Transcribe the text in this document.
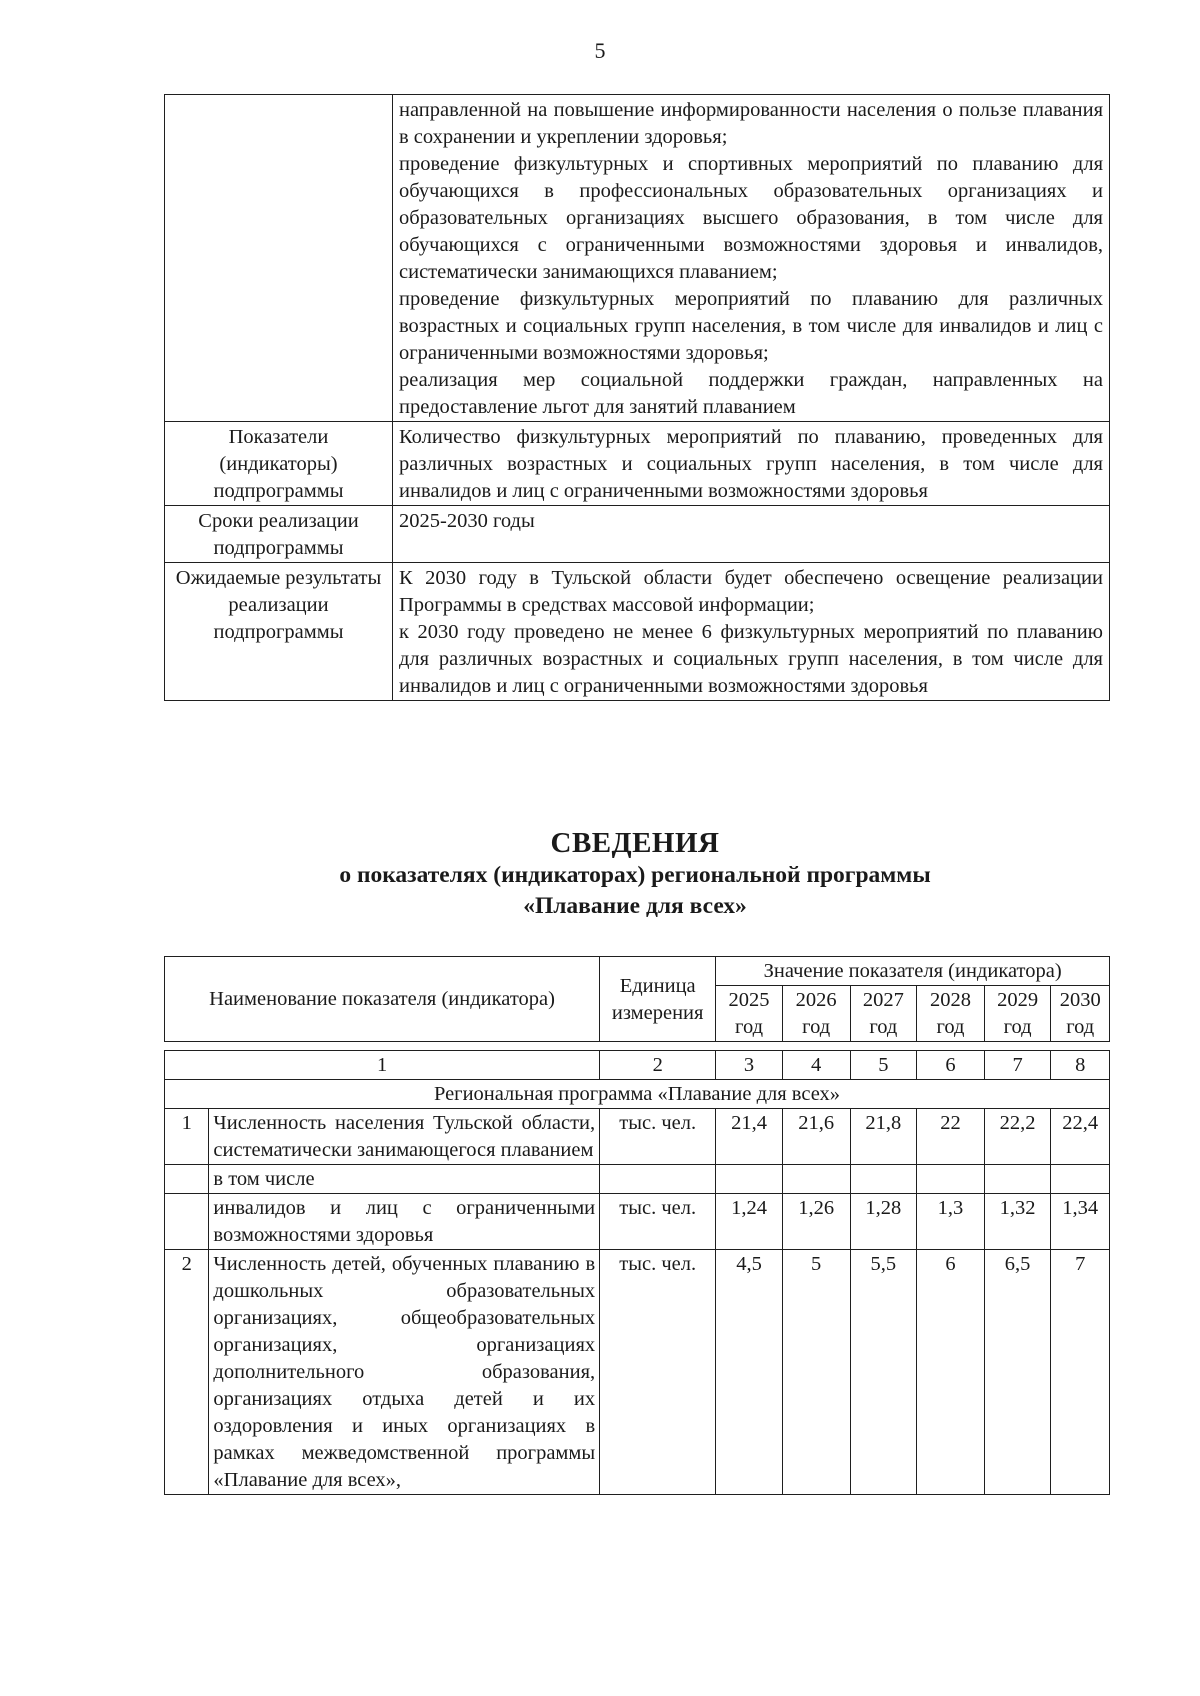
5

	направленной на повышение информированности населения о пользе плавания в сохранении и укреплении здоровья;
проведение физкультурных и спортивных мероприятий по плаванию для обучающихся в профессиональных образовательных организациях и образовательных организациях высшего образования, в том числе для обучающихся с ограниченными возможностями здоровья и инвалидов, систематически занимающихся плаванием;
проведение физкультурных мероприятий по плаванию для различных возрастных и социальных групп населения, в том числе для инвалидов и лиц с ограниченными возможностями здоровья;
реализация мер социальной поддержки граждан, направленных на предоставление льгот для занятий плаванием

Показатели (индикаторы) подпрограммы	Количество физкультурных мероприятий по плаванию, проведенных для различных возрастных и социальных групп населения, в том числе для инвалидов и лиц с ограниченными возможностями здоровья

Сроки реализации подпрограммы	2025-2030 годы
Ожидаемые результаты реализации подпрограммы	К 2030 году в Тульской области будет обеспечено освещение реализации Программы в средствах массовой информации;
к 2030 году проведено не менее 6 физкультурных мероприятий по плаванию для различных возрастных и социальных групп населения, в том числе для инвалидов и лиц с ограниченными возможностями здоровья
СВЕДЕНИЯ
о показателях (индикаторах) региональной программы
«Плавание для всех»
Наименование показателя (индикатора)		Единица измерения	Значение показателя (индикатора)					
			2025 год	2026 год	2027 год	2028 год	2029 год	2030 год

1		2	3	4	5	6	7	8
Региональная программа «Плавание для всех»								
1	Численность населения Тульской области, систематически занимающегося плаванием	тыс. чел.	21,4	21,6	21,8	22	22,2	22,4
	в том числе							
	инвалидов и лиц с ограниченными возможностями здоровья	тыс. чел.	1,24	1,26	1,28	1,3	1,32	1,34
2	Численность детей, обученных плаванию в дошкольных образовательных организациях, общеобразовательных организациях, организациях дополнительного образования, организациях отдыха детей и их оздоровления и иных организациях в рамках межведомственной программы «Плавание для всех»,	тыс. чел.	4,5	5	5,5	6	6,5	7
